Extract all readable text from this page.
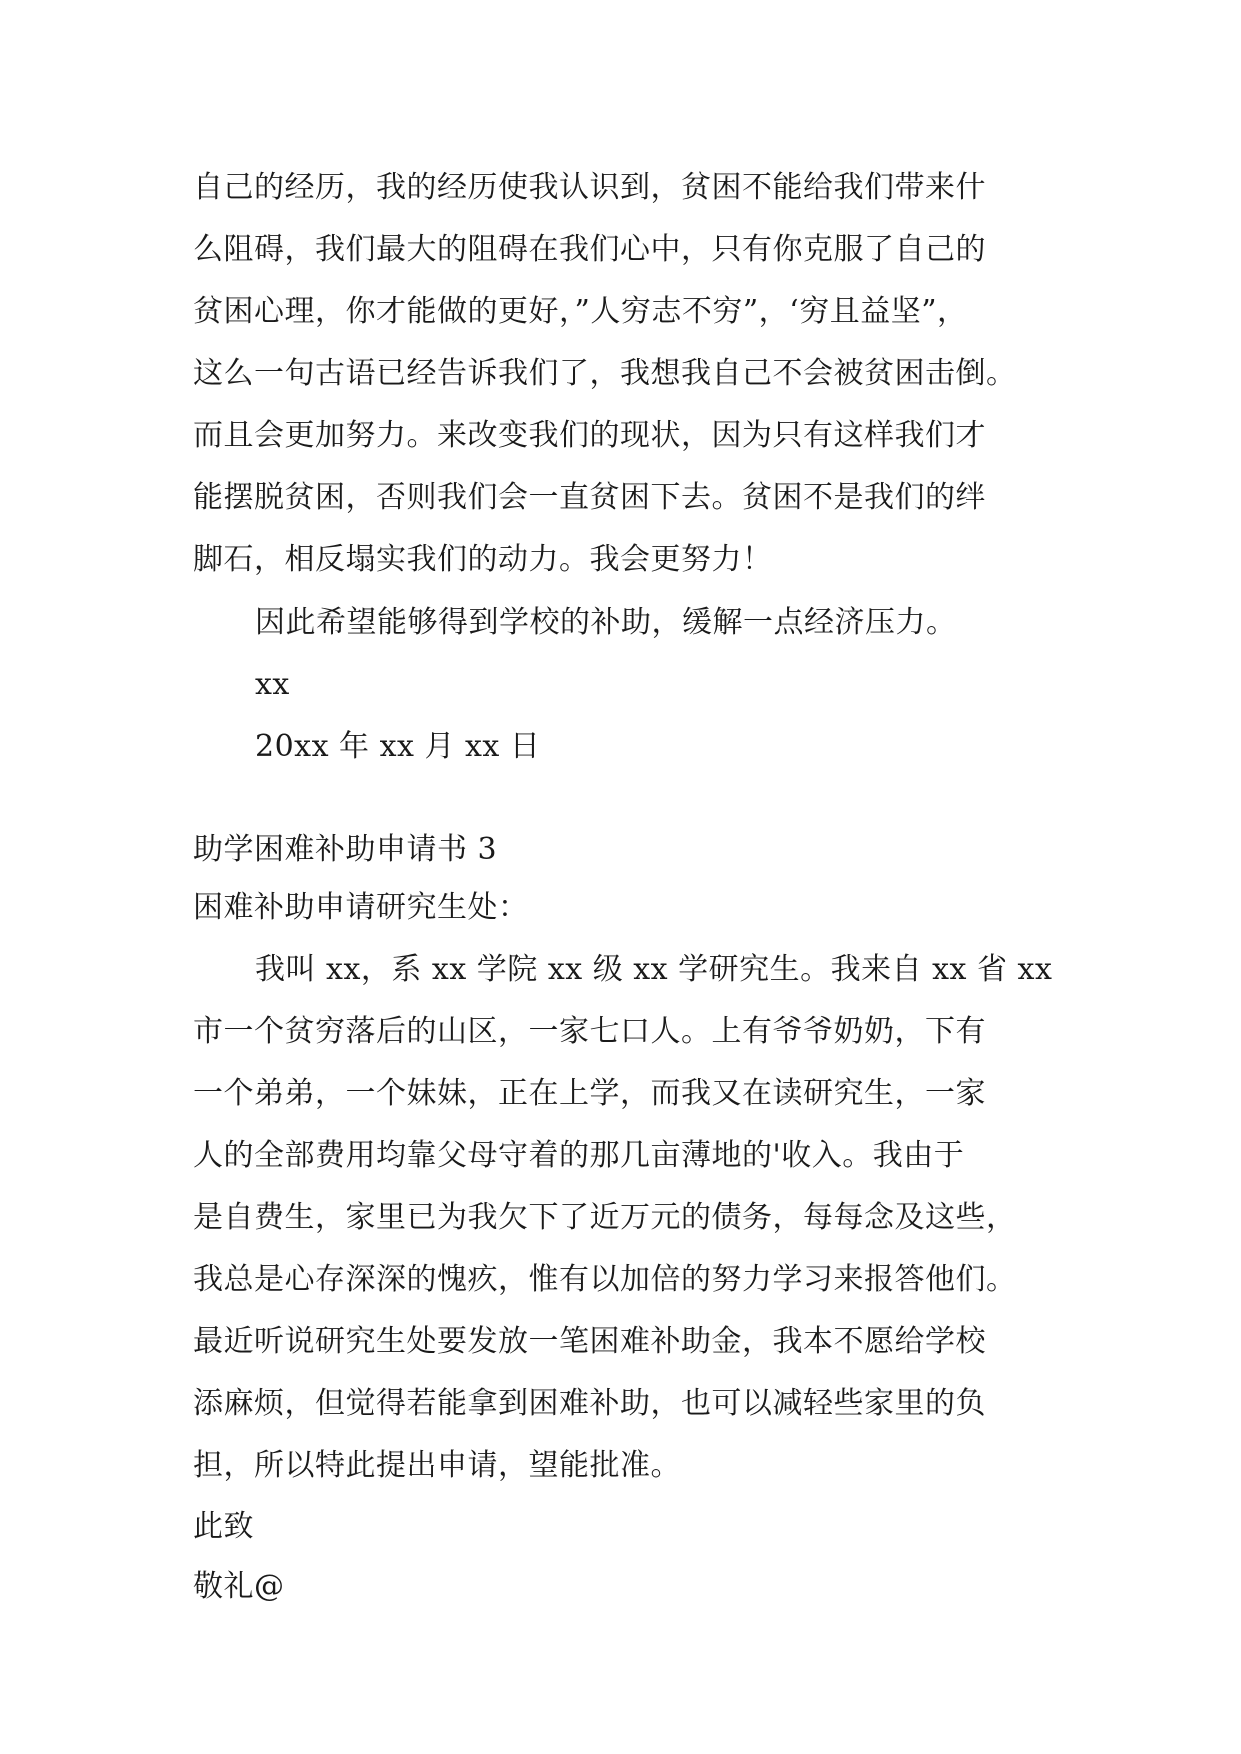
自己的经历，我的经历使我认识到，贫困不能给我们带来什
么阻碍，我们最大的阻碍在我们心中，只有你克服了自己的
贫困心理，你才能做的更好，”人穷志不穷”，‘穷且益坚”，
这么一句古语已经告诉我们了，我想我自己不会被贫困击倒。
而且会更加努力。来改变我们的现状，因为只有这样我们才
能摆脱贫困，否则我们会一直贫困下去。贫困不是我们的绊
脚石，相反塌实我们的动力。我会更努力！
因此希望能够得到学校的补助，缓解一点经济压力。
xx
20xx 年 xx 月 xx 日
助学困难补助申请书 3
困难补助申请研究生处：
我叫 xx，系 xx 学院 xx 级 xx 学研究生。我来自 xx 省 xx
市一个贫穷落后的山区，一家七口人。上有爷爷奶奶，下有
一个弟弟，一个妹妹，正在上学，而我又在读研究生，一家
人的全部费用均靠父母守着的那几亩薄地的'收入。我由于
是自费生，家里已为我欠下了近万元的债务，每每念及这些，
我总是心存深深的愧疚，惟有以加倍的努力学习来报答他们。
最近听说研究生处要发放一笔困难补助金，我本不愿给学校
添麻烦，但觉得若能拿到困难补助，也可以减轻些家里的负
担，所以特此提出申请，望能批准。
此致
敬礼@
